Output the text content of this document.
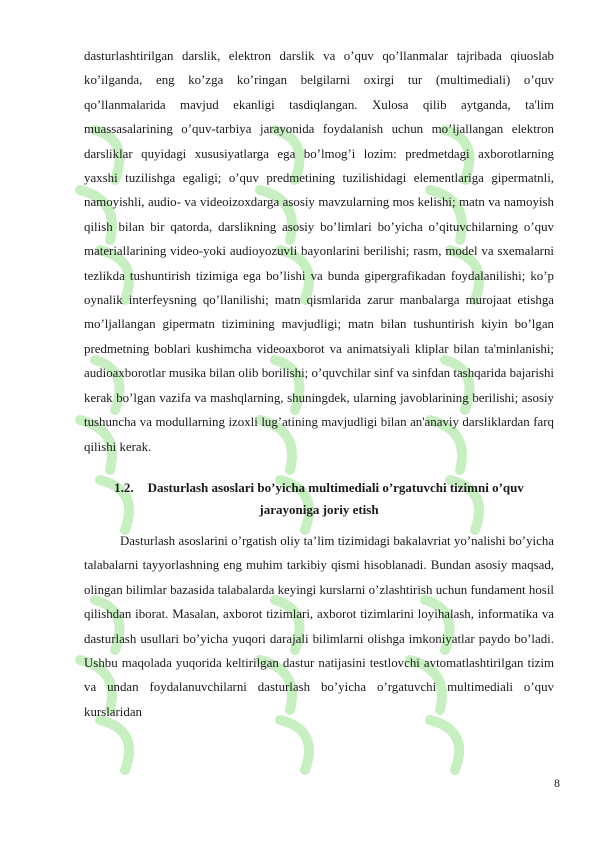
dasturlashtirilgan darslik, elektron darslik va o’quv qo’llanmalar tajribada qiuoslab ko’ilganda, eng ko’zga ko’ringan belgilarni oxirgi tur (multimediali) o’quv qo’llanmalarida mavjud ekanligi tasdiqlangan. Xulosa qilib aytganda, ta'lim muassasalarining o’quv-tarbiya jarayonida foydalanish uchun mo’ljallangan elektron darsliklar quyidagi xususiyatlarga ega bo’lmog’i lozim: predmetdagi axborotlarning yaxshi tuzilishga egaligi; o’quv predmetining tuzilishidagi elementlariga gipermatnli, namoyishli, audio- va videoizoxdarga asosiy mavzularning mos kelishi; matn va namoyish qilish bilan bir qatorda, darslikning asosiy bo’limlari bo’yicha o’qituvchilarning o’quv materiallarining video-yoki audioyozuvli bayonlarini berilishi; rasm, model va sxemalarni tezlikda tushuntirish tizimiga ega bo’lishi va bunda gipergrafikadan foydalanilishi; ko’p oynalik interfeysning qo’llanilishi; matn qismlarida zarur manbalarga murojaat etishga mo’ljallangan gipermatn tizimining mavjudligi; matn bilan tushuntirish kiyin bo’lgan predmetning boblari kushimcha videoaxborot va animatsiyali kliplar bilan ta'minlanishi; audioaxborotlar musika bilan olib borilishi; o’quvchilar sinf va sinfdan tashqarida bajarishi kerak bo’lgan vazifa va mashqlarning, shuningdek, ularning javoblarining berilishi; asosiy tushuncha va modullarning izoxli lug’atining mavjudligi bilan an'anaviy darsliklardan farq qilishi kerak.

1.2. Dasturlash asoslari bo’yicha multimediali o’rgatuvchi tizimni o’quv jarayoniga joriy etish

Dasturlash asoslarini o’rgatish oliy ta’lim tizimidagi bakalavriat yo’nalishi bo’yicha talabalarni tayyorlashning eng muhim tarkibiy qismi hisoblanadi. Bundan asosiy maqsad, olingan bilimlar bazasida talabalarda keyingi kurslarni o’zlashtirish uchun fundament hosil qilishdan iborat. Masalan, axborot tizimlari, axborot tizimlarini loyihalash, informatika va dasturlash usullari bo’yicha yuqori darajali bilimlarni olishga imkoniyatlar paydo bo’ladi. Ushbu maqolada yuqorida keltirilgan dastur natijasini testlovchi avtomatlashtirilgan tizim va undan foydalanuvchilarni dasturlash bo’yicha o’rgatuvchi multimediali o’quv kurslaridan

8
